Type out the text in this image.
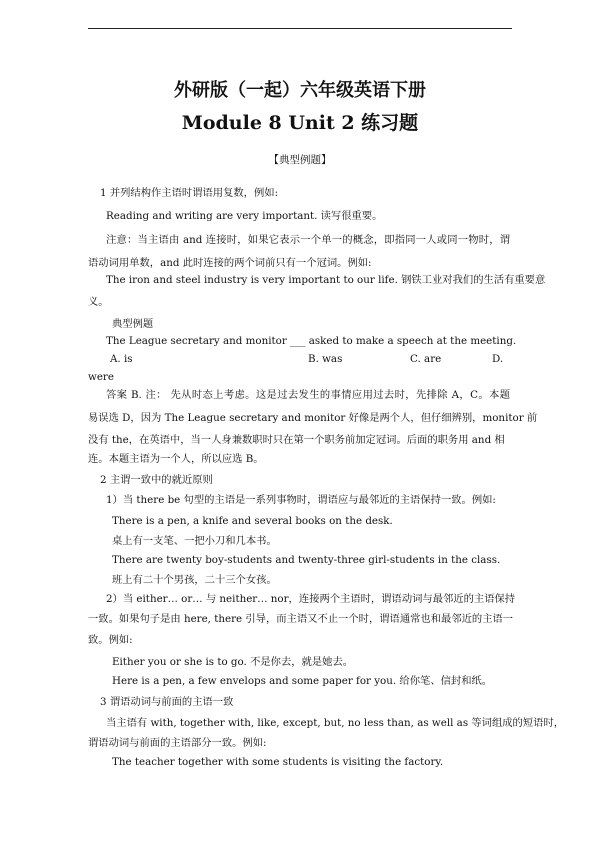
外研版（一起）六年级英语下册
Module 8 Unit 2 练习题
【典型例题】
1 并列结构作主语时谓语用复数，例如:
Reading and writing are very important. 读写很重要。
注意：当主语由 and 连接时，如果它表示一个单一的概念，即指同一人或同一物时，谓
语动词用单数，and 此时连接的两个词前只有一个冠词。例如:
The iron and steel industry is very important to our life. 钢铁工业对我们的生活有重要意
义。
典型例题
The League secretary and monitor ___ asked to make a speech at the meeting.
A. is	B. was	C. are	D.
were
答案 B. 注： 先从时态上考虑。这是过去发生的事情应用过去时，先排除 A，C。本题
易误选 D，因为 The League secretary and monitor 好像是两个人，但仔细辨别，monitor 前
没有 the，在英语中，当一人身兼数职时只在第一个职务前加定冠词。后面的职务用 and 相
连。本题主语为一个人，所以应选 B。
2 主谓一致中的就近原则
1）当 there be 句型的主语是一系列事物时，谓语应与最邻近的主语保持一致。例如:
There is a pen, a knife and several books on the desk.
桌上有一支笔、一把小刀和几本书。
There are twenty boy-students and twenty-three girl-students in the class.
班上有二十个男孩，二十三个女孩。
2）当 either… or… 与 neither… nor，连接两个主语时，谓语动词与最邻近的主语保持
一致。如果句子是由 here, there 引导，而主语又不止一个时，谓语通常也和最邻近的主语一
致。例如:
Either you or she is to go. 不是你去，就是她去。
Here is a pen, a few envelops and some paper for you. 给你笔、信封和纸。
3 谓语动词与前面的主语一致
当主语有 with, together with, like, except, but, no less than, as well as 等词组成的短语时，
谓语动词与前面的主语部分一致。例如:
The teacher together with some students is visiting the factory.
